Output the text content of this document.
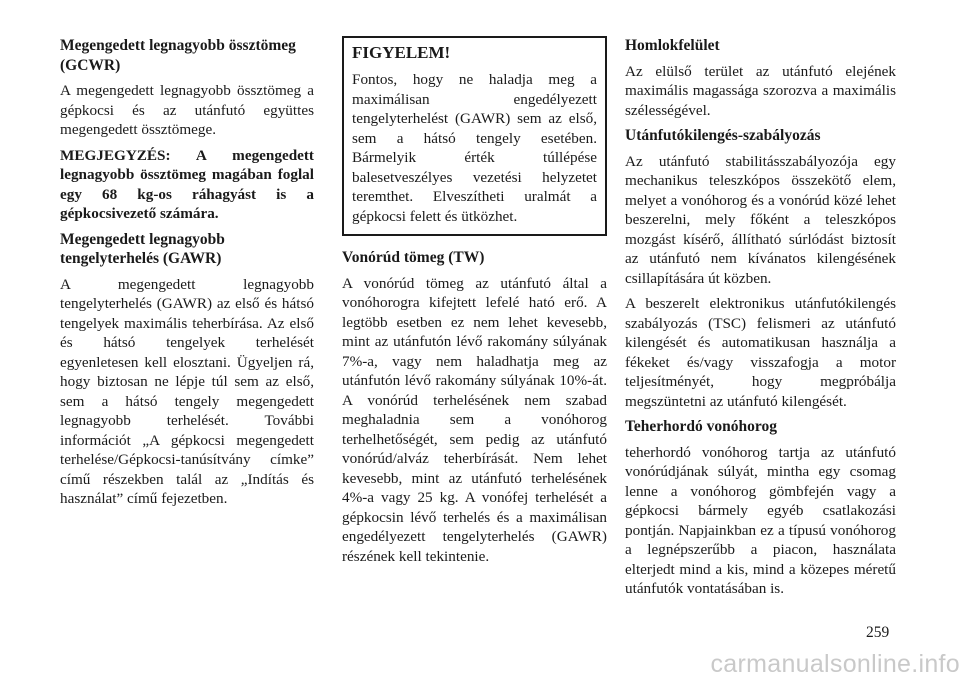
Megengedett legnagyobb össztömeg (GCWR)
A megengedett legnagyobb össztömeg a gépkocsi és az utánfutó együttes megengedett össztömege.
MEGJEGYZÉS: A megengedett legnagyobb össztömeg magában foglal egy 68 kg-os ráhagyást is a gépkocsivezető számára.
Megengedett legnagyobb tengelyterhelés (GAWR)
A megengedett legnagyobb tengelyterhelés (GAWR) az első és hátsó tengelyek maximális teherbírása. Az első és hátsó tengelyek terhelését egyenletesen kell elosztani. Ügyeljen rá, hogy biztosan ne lépje túl sem az első, sem a hátsó tengely megengedett legnagyobb terhelését. További információt „A gépkocsi megengedett terhelése/Gépkocsi-tanúsítvány címke” című részekben talál az „Indítás és használat” című fejezetben.
FIGYELEM!
Fontos, hogy ne haladja meg a maximálisan engedélyezett tengelyterhelést (GAWR) sem az első, sem a hátsó tengely esetében. Bármelyik érték túllépése balesetveszélyes vezetési helyzetet teremthet. Elveszítheti uralmát a gépkocsi felett és ütközhet.
Vonórúd tömeg (TW)
A vonórúd tömeg az utánfutó által a vonóhorogra kifejtett lefelé ható erő. A legtöbb esetben ez nem lehet kevesebb, mint az utánfutón lévő rakomány súlyának 7%-a, vagy nem haladhatja meg az utánfutón lévő rakomány súlyának 10%-át. A vonórúd terhelésének nem szabad meghaladnia sem a vonóhorog terhelhetőségét, sem pedig az utánfutó vonórúd/alváz teherbírását. Nem lehet kevesebb, mint az utánfutó terhelésének 4%-a vagy 25 kg. A vonófej terhelését a gépkocsin lévő terhelés és a maximálisan engedélyezett tengelyterhelés (GAWR) részének kell tekintenie.
Homlokfelület
Az elülső terület az utánfutó elejének maximális magassága szorozva a maximális szélességével.
Utánfutókilengés-szabályozás
Az utánfutó stabilitásszabályozója egy mechanikus teleszkópos összekötő elem, melyet a vonóhorog és a vonórúd közé lehet beszerelni, mely főként a teleszkópos mozgást kísérő, állítható súrlódást biztosít az utánfutó nem kívánatos kilengésének csillapítására út közben.
A beszerelt elektronikus utánfutókilengés szabályozás (TSC) felismeri az utánfutó kilengését és automatikusan használja a fékeket és/vagy visszafogja a motor teljesítményét, hogy megpróbálja megszüntetni az utánfutó kilengését.
Teherhordó vonóhorog
teherhordó vonóhorog tartja az utánfutó vonórúdjának súlyát, mintha egy csomag lenne a vonóhorog gömbfején vagy a gépkocsi bármely egyéb csatlakozási pontján. Napjainkban ez a típusú vonóhorog a legnépszerűbb a piacon, használata elterjedt mind a kis, mind a közepes méretű utánfutók vontatásában is.
259
carmanualsonline.info
